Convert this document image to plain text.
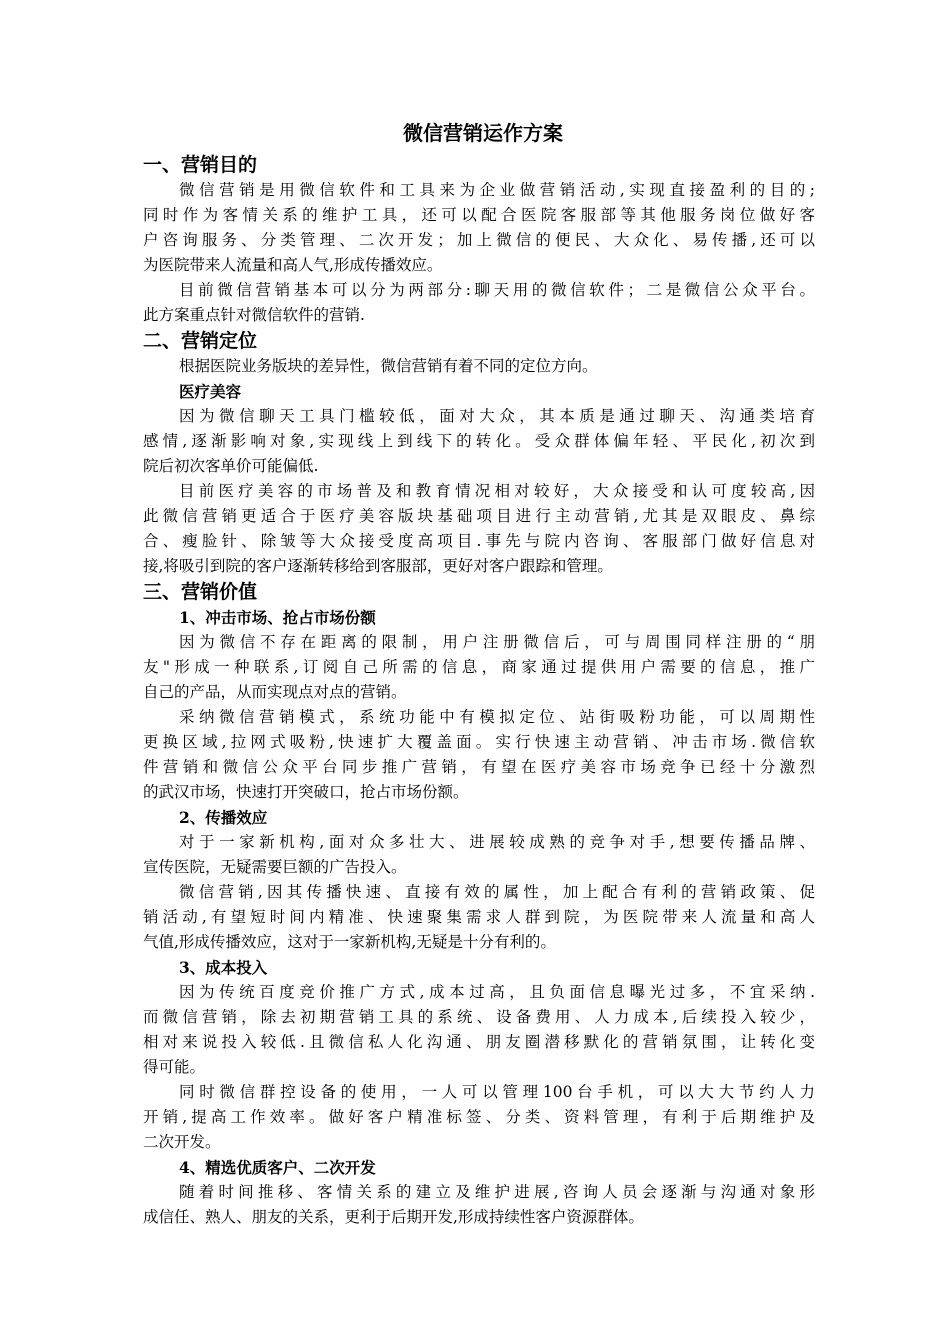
微信营销运作方案
一、营销目的

微信营销是用微信软件和工具来为企业做营销活动,实现直接盈利的目的;
同时作为客情关系的维护工具，还可以配合医院客服部等其他服务岗位做好客
户咨询服务、分类管理、二次开发；加上微信的便民、大众化、易传播,还可以
为医院带来人流量和高人气,形成传播效应。

目前微信营销基本可以分为两部分:聊天用的微信软件；二是微信公众平台。
此方案重点针对微信软件的营销.

二、营销定位

根据医院业务版块的差异性，微信营销有着不同的定位方向。

医疗美容

因为微信聊天工具门槛较低，面对大众，其本质是通过聊天、沟通类培育
感情,逐渐影响对象,实现线上到线下的转化。受众群体偏年轻、平民化,初次到
院后初次客单价可能偏低.

目前医疗美容的市场普及和教育情况相对较好，大众接受和认可度较高,因
此微信营销更适合于医疗美容版块基础项目进行主动营销,尤其是双眼皮、鼻综
合、瘦脸针、除皱等大众接受度高项目.事先与院内咨询、客服部门做好信息对
接,将吸引到院的客户逐渐转移给到客服部，更好对客户跟踪和管理。

三、营销价值
1、冲击市场、抢占市场份额

因为微信不存在距离的限制，用户注册微信后，可与周围同样注册的“朋
友"形成一种联系,订阅自己所需的信息，商家通过提供用户需要的信息，推广
自己的产品，从而实现点对点的营销。

采纳微信营销模式，系统功能中有模拟定位、站街吸粉功能，可以周期性
更换区域,拉网式吸粉,快速扩大覆盖面。实行快速主动营销、冲击市场.微信软
件营销和微信公众平台同步推广营销，有望在医疗美容市场竞争已经十分激烈
的武汉市场，快速打开突破口，抢占市场份额。

2、传播效应

对于一家新机构,面对众多壮大、进展较成熟的竞争对手,想要传播品牌、
宣传医院，无疑需要巨额的广告投入。

微信营销,因其传播快速、直接有效的属性，加上配合有利的营销政策、促
销活动,有望短时间内精准、快速聚集需求人群到院，为医院带来人流量和高人
气值,形成传播效应，这对于一家新机构,无疑是十分有利的。

3、成本投入

因为传统百度竞价推广方式,成本过高，且负面信息曝光过多，不宜采纳.
而微信营销，除去初期营销工具的系统、设备费用、人力成本,后续投入较少，
相对来说投入较低.且微信私人化沟通、朋友圈潜移默化的营销氛围，让转化变
得可能。

同时微信群控设备的使用，一人可以管理100台手机，可以大大节约人力
开销,提高工作效率。做好客户精准标签、分类、资料管理，有利于后期维护及
二次开发。

4、精选优质客户、二次开发

随着时间推移、客情关系的建立及维护进展,咨询人员会逐渐与沟通对象形
成信任、熟人、朋友的关系，更利于后期开发,形成持续性客户资源群体。
